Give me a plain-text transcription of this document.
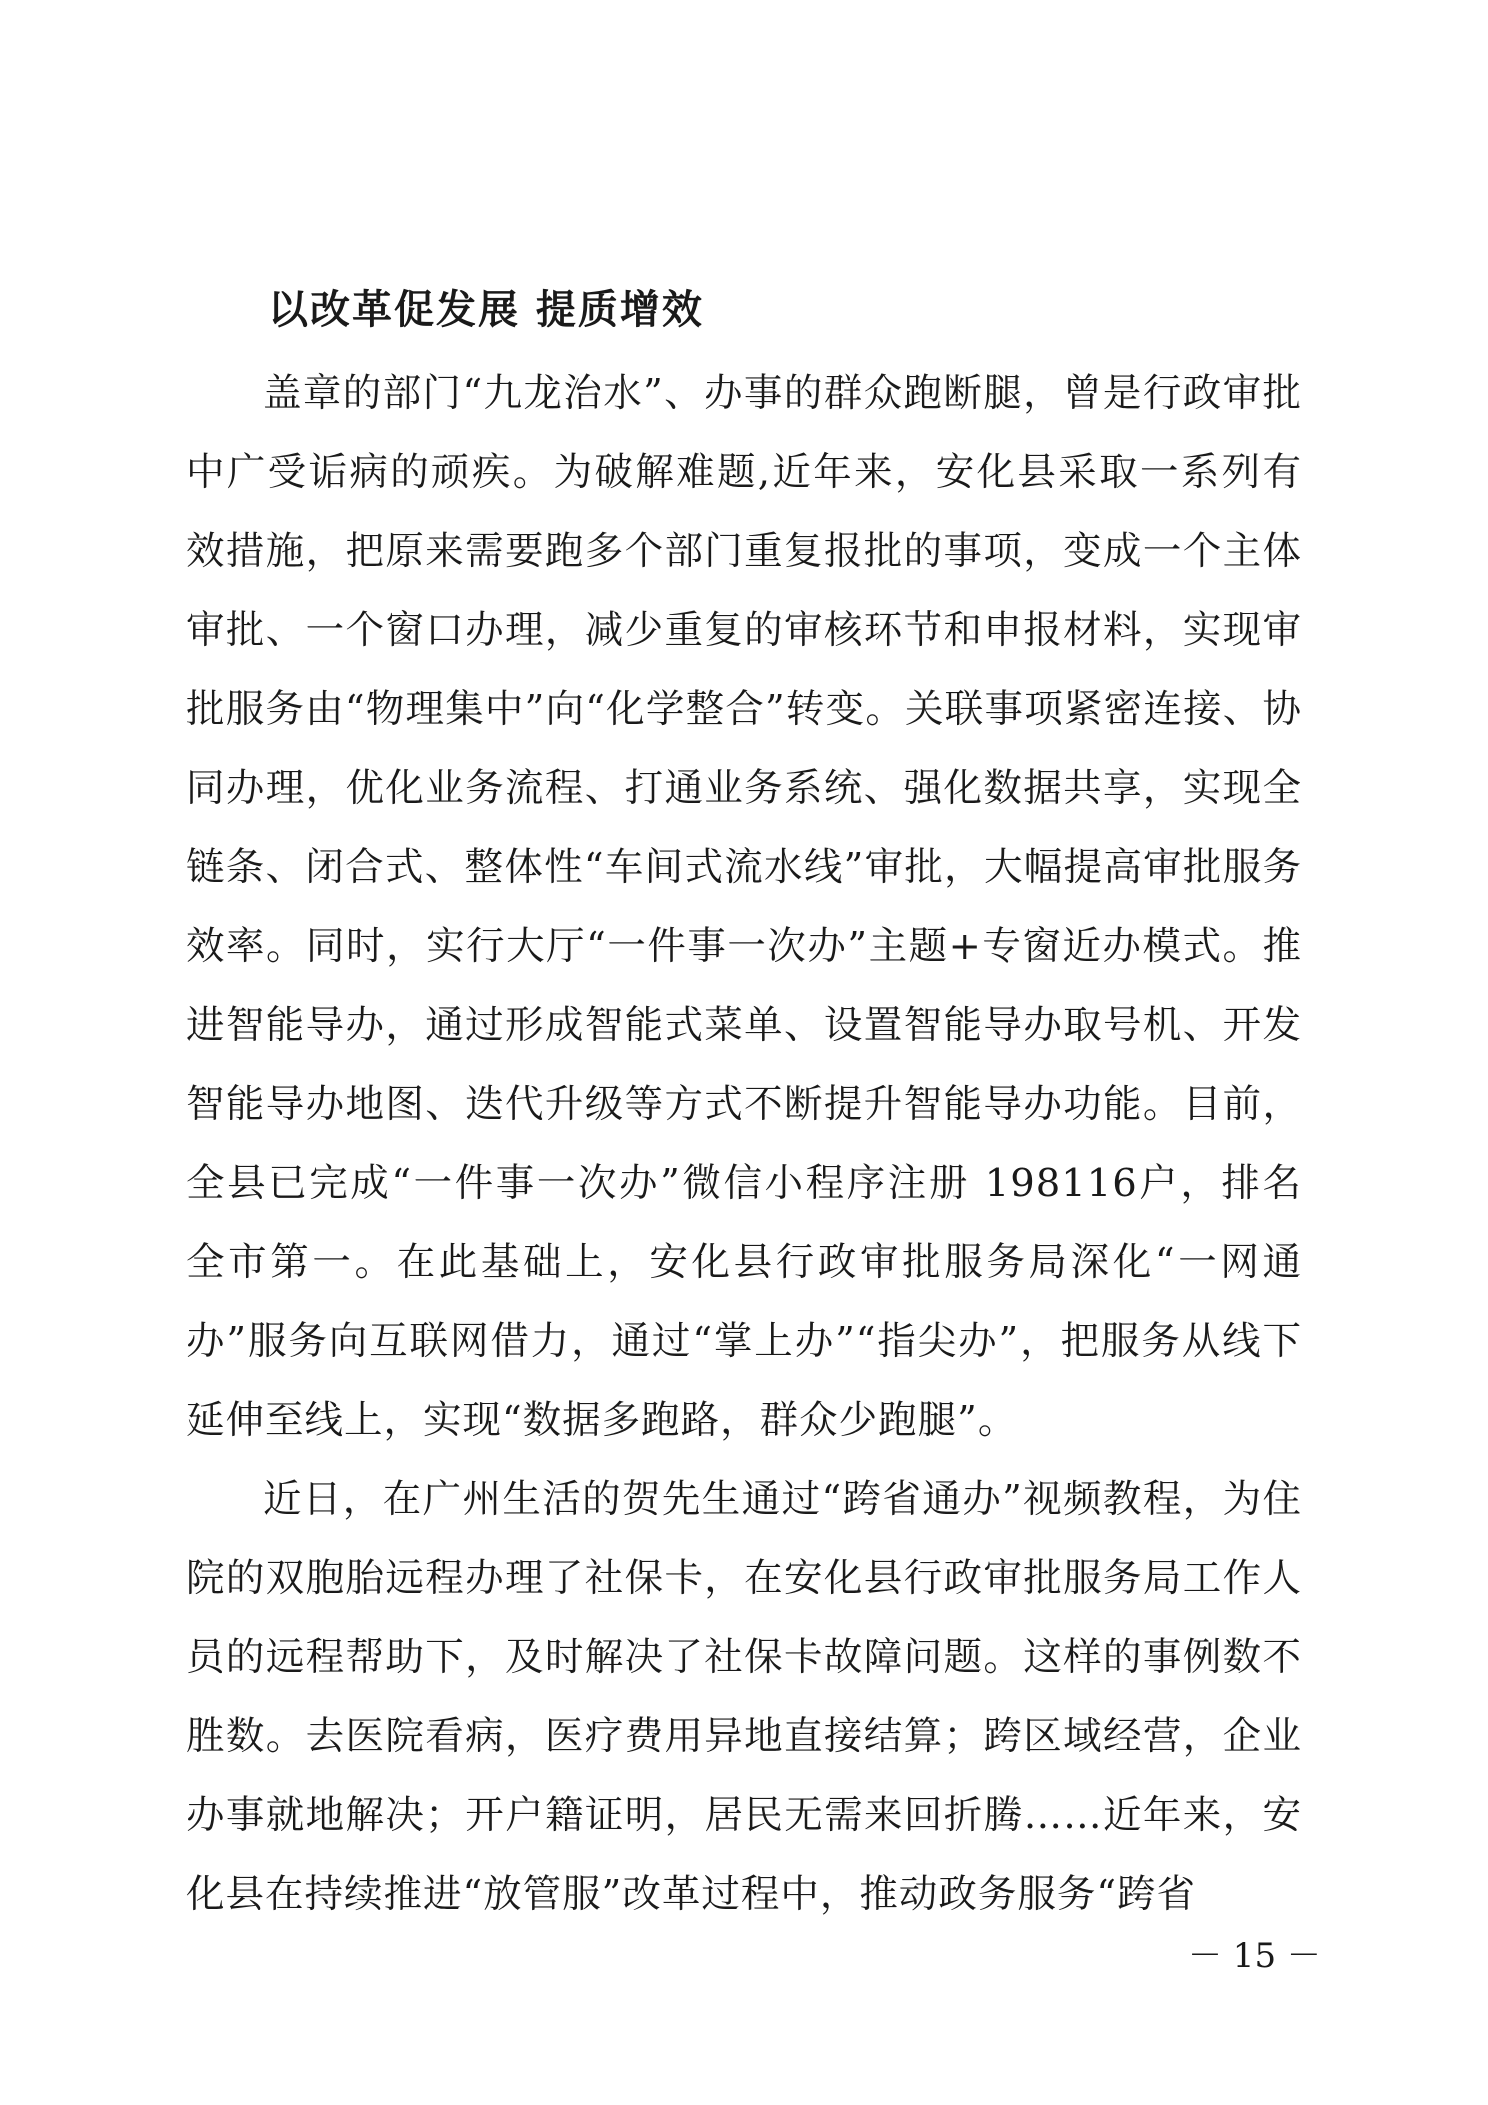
以改革促发展 提质增效

盖章的部门“九龙治水”、办事的群众跑断腿，曾是行政审批中广受诟病的顽疾。为破解难题,近年来，安化县采取一系列有效措施，把原来需要跑多个部门重复报批的事项，变成一个主体审批、一个窗口办理，减少重复的审核环节和申报材料，实现审批服务由“物理集中”向“化学整合”转变。关联事项紧密连接、协同办理，优化业务流程、打通业务系统、强化数据共享，实现全链条、闭合式、整体性“车间式流水线”审批，大幅提高审批服务效率。同时，实行大厅“一件事一次办”主题+专窗近办模式。推进智能导办，通过形成智能式菜单、设置智能导办取号机、开发智能导办地图、迭代升级等方式不断提升智能导办功能。目前，全县已完成“一件事一次办”微信小程序注册 198116户，排名全市第一。在此基础上，安化县行政审批服务局深化“一网通办”服务向互联网借力，通过“掌上办”“指尖办”，把服务从线下延伸至线上，实现“数据多跑路，群众少跑腿”。

近日，在广州生活的贺先生通过“跨省通办”视频教程，为住院的双胞胎远程办理了社保卡，在安化县行政审批服务局工作人员的远程帮助下，及时解决了社保卡故障问题。这样的事例数不胜数。去医院看病，医疗费用异地直接结算；跨区域经营，企业办事就地解决；开户籍证明，居民无需来回折腾……近年来，安化县在持续推进“放管服”改革过程中，推动政务服务“跨省

－ 15 －
